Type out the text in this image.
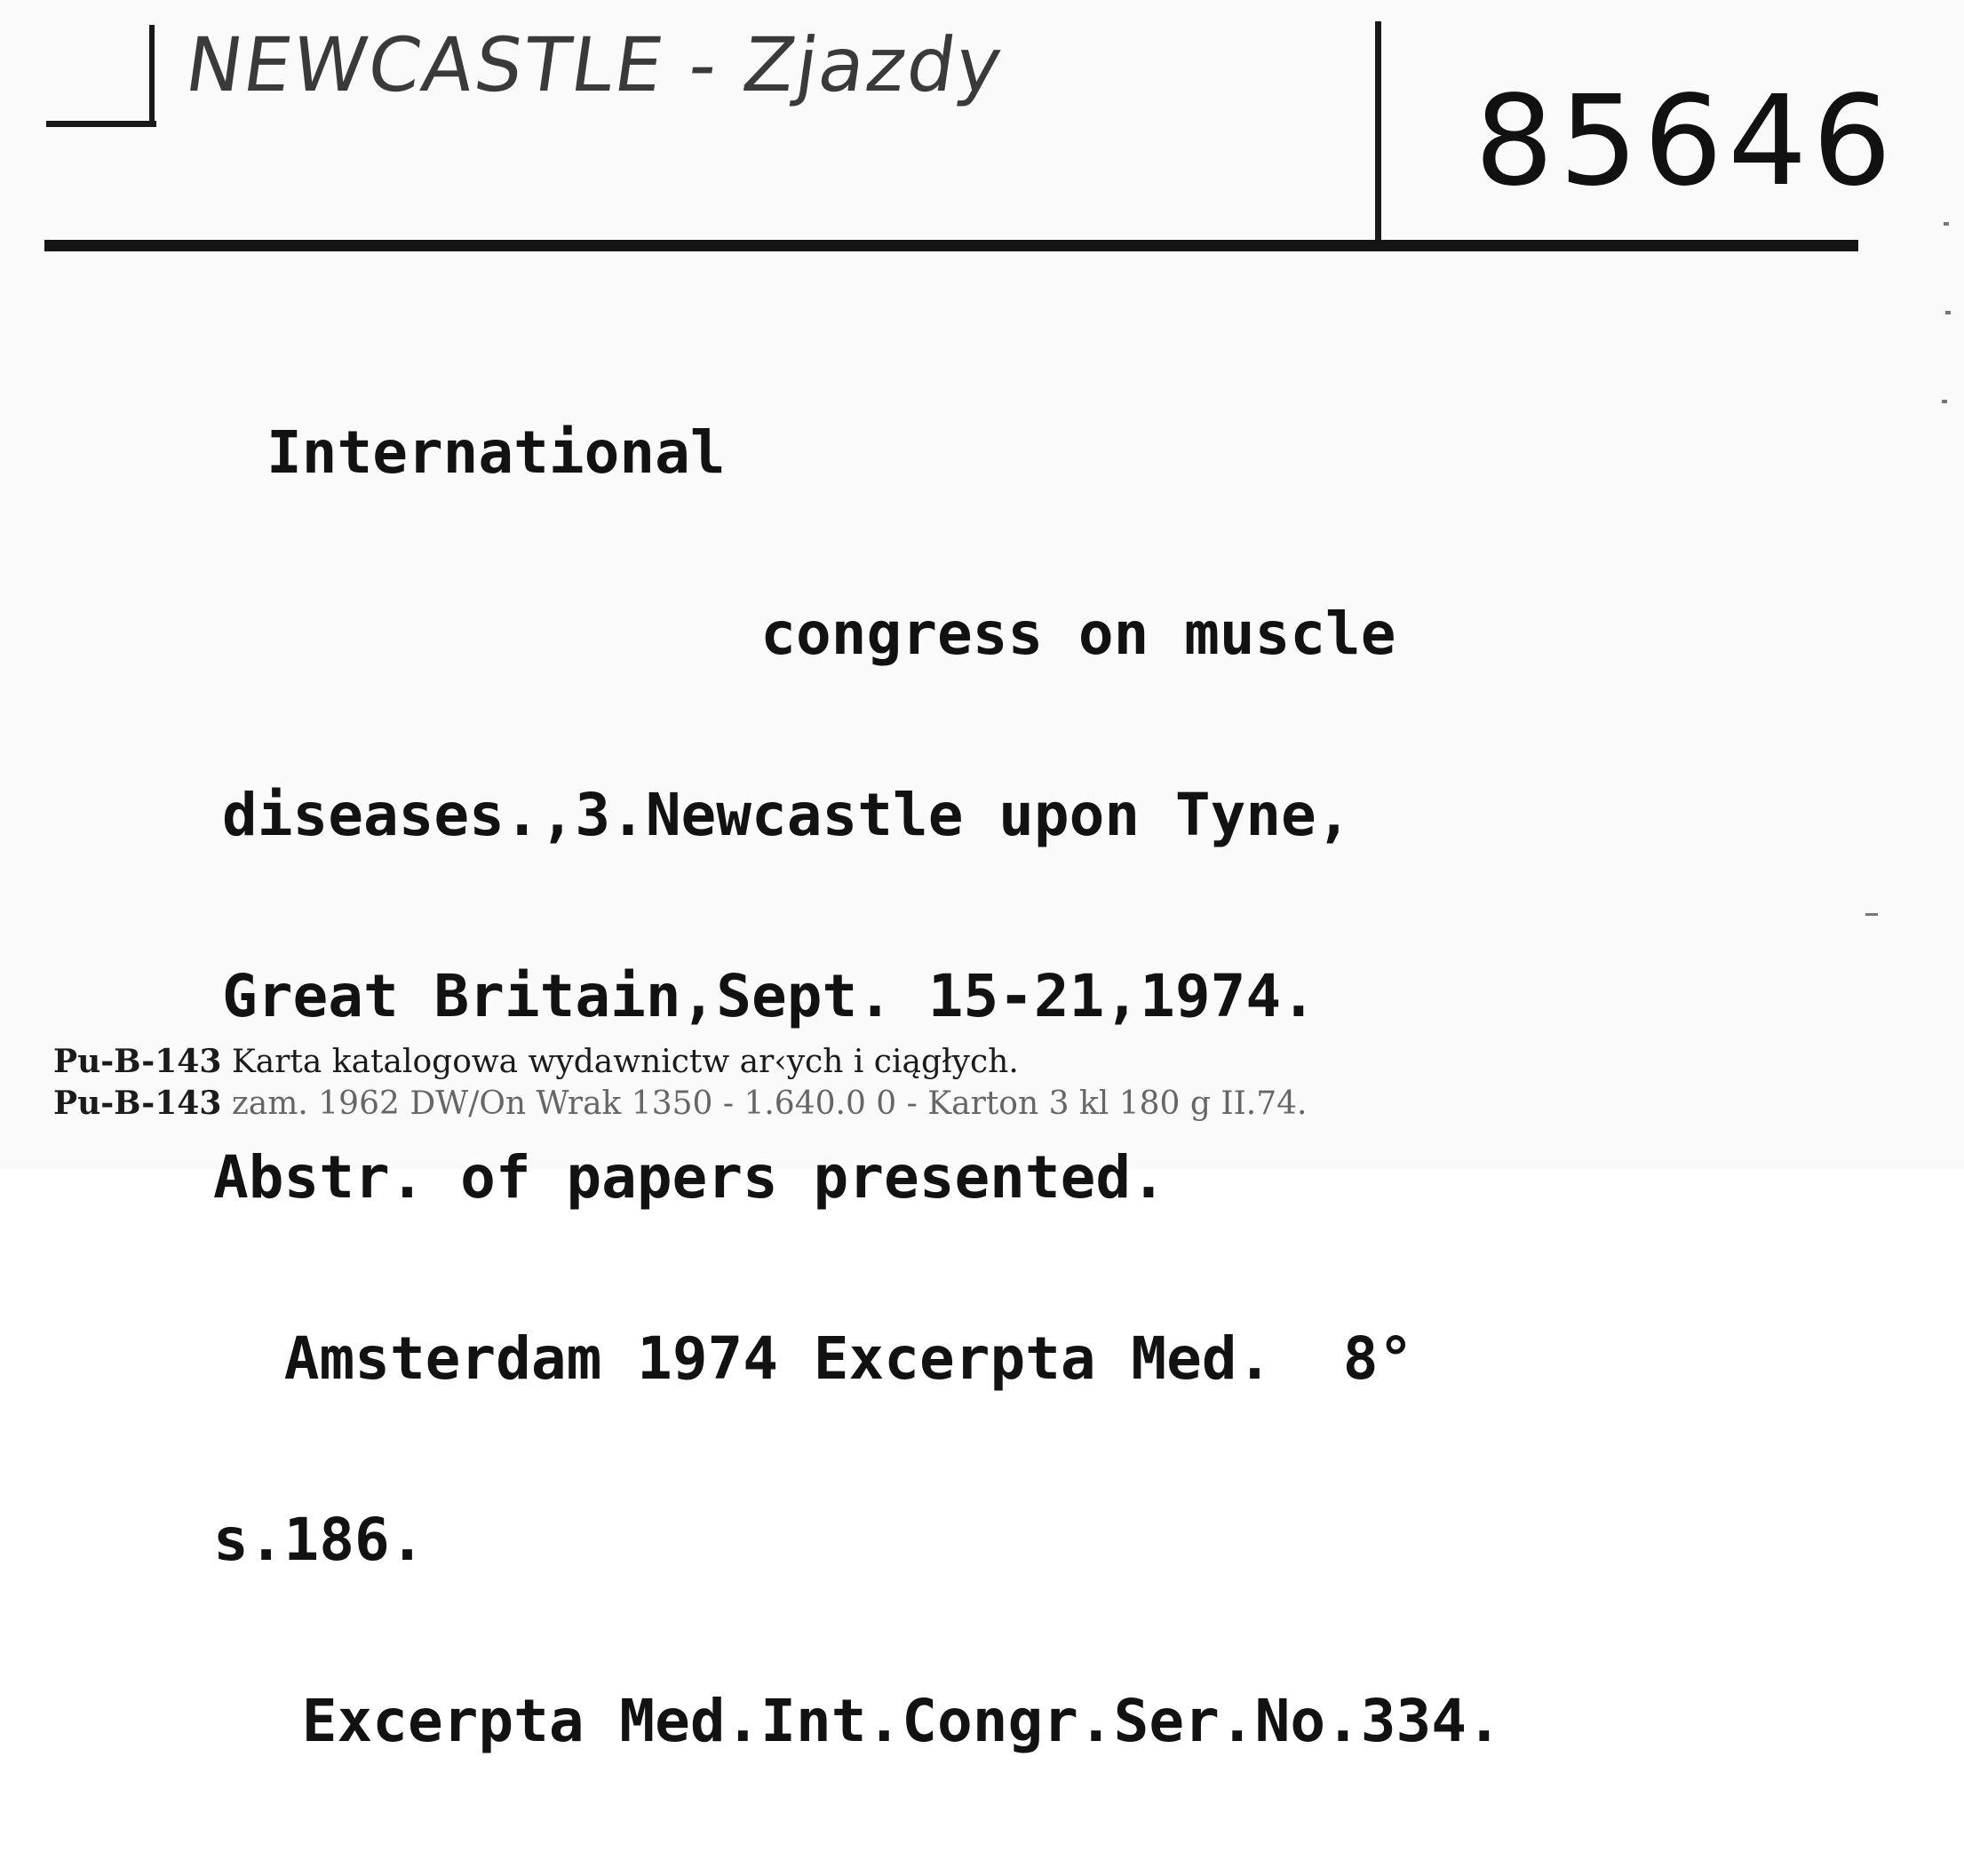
NEWCASTLE - Zjazdy
85646

International

congress on muscle

diseases.,3.Newcastle upon Tyne,

Great Britain,Sept. 15-21,1974.

Abstr. of papers presented.

Amsterdam 1974 Excerpta Med.  8°

s.186.

Excerpta Med.Int.Congr.Ser.No.334.

Pu-B-143 Karta katalogowa wydawnictw ar‹ych i ciągłych.
Pu-B-143 zam. 1962 DW/On Wrak 1350 - 1.640.0 0 - Karton 3 kl 180 g II.74.
